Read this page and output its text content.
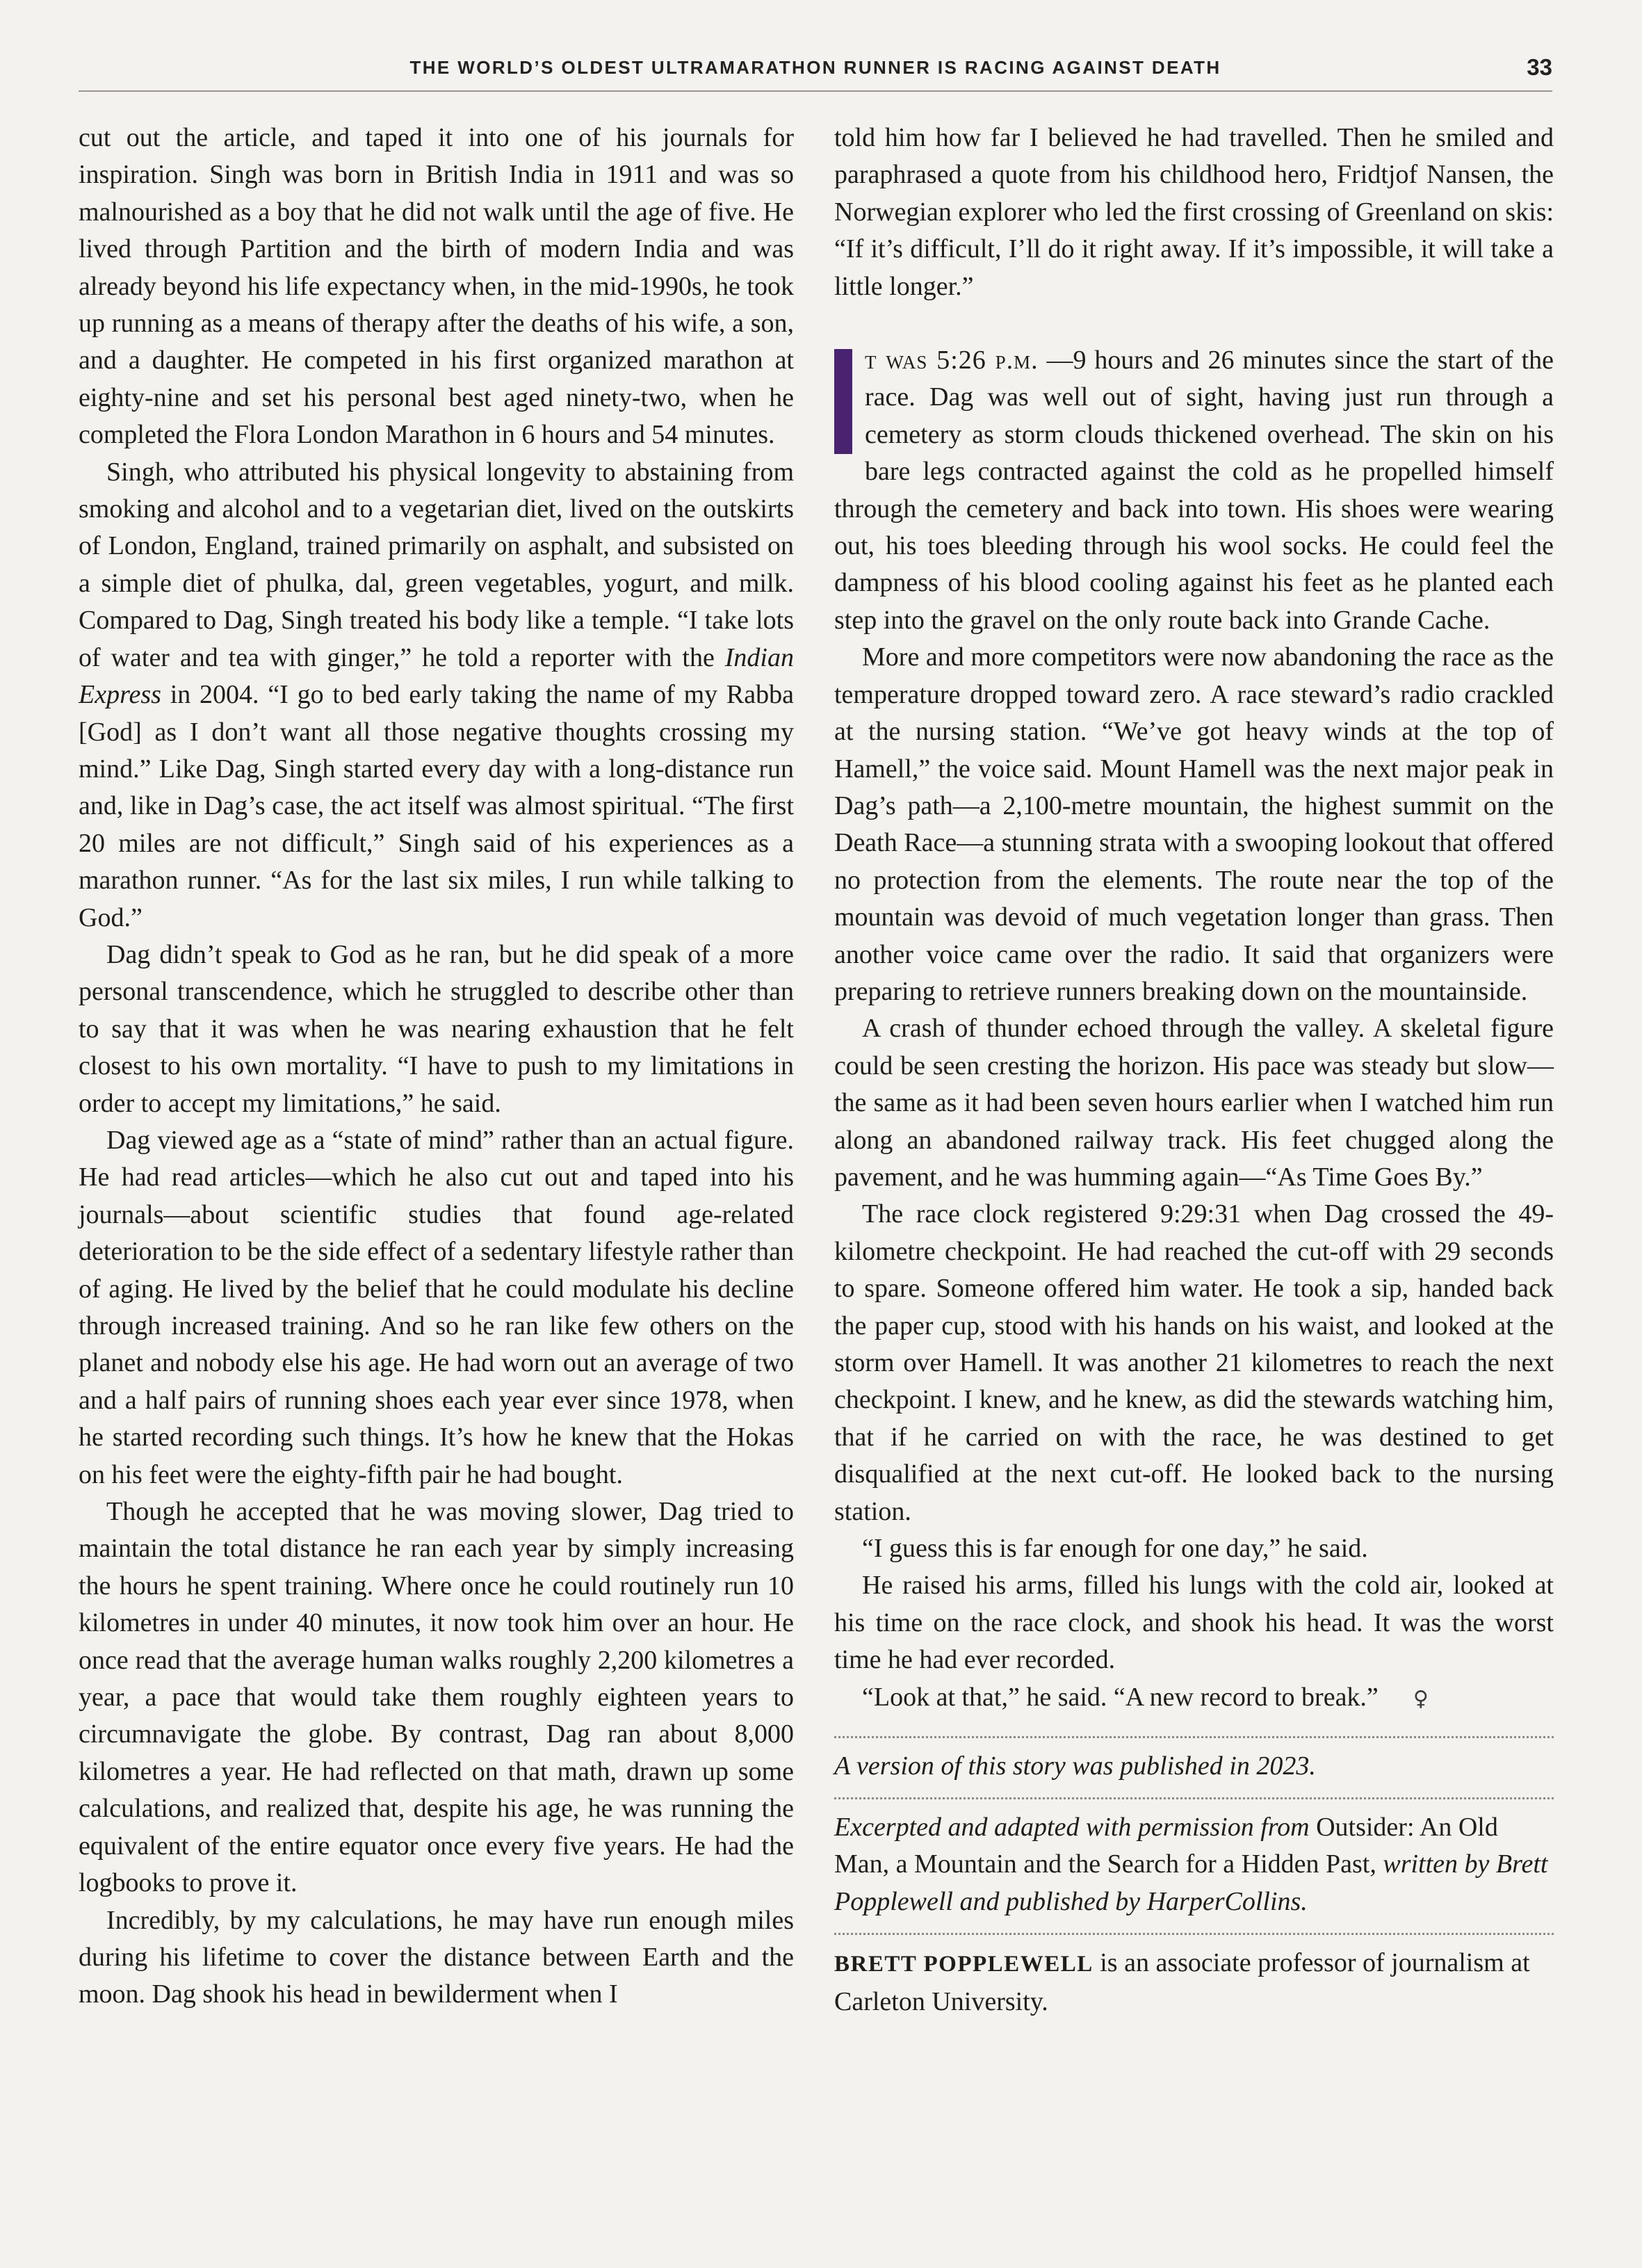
THE WORLD’S OLDEST ULTRAMARATHON RUNNER IS RACING AGAINST DEATH	33

cut out the article, and taped it into one of his journals for inspiration. Singh was born in British India in 1911 and was so malnourished as a boy that he did not walk until the age of five. He lived through Partition and the birth of modern India and was already beyond his life expectancy when, in the mid-1990s, he took up running as a means of therapy after the deaths of his wife, a son, and a daughter. He competed in his first organized marathon at eighty-nine and set his personal best aged ninety-two, when he completed the Flora London Marathon in 6 hours and 54 minutes.

Singh, who attributed his physical longevity to abstaining from smoking and alcohol and to a vegetarian diet, lived on the outskirts of London, England, trained primarily on asphalt, and subsisted on a simple diet of phulka, dal, green vegetables, yogurt, and milk. Compared to Dag, Singh treated his body like a temple. “I take lots of water and tea with ginger,” he told a reporter with the Indian Express in 2004. “I go to bed early taking the name of my Rabba [God] as I don’t want all those negative thoughts crossing my mind.” Like Dag, Singh started every day with a long-distance run and, like in Dag’s case, the act itself was almost spiritual. “The first 20 miles are not difficult,” Singh said of his experiences as a marathon runner. “As for the last six miles, I run while talking to God.”

Dag didn’t speak to God as he ran, but he did speak of a more personal transcendence, which he struggled to describe other than to say that it was when he was nearing exhaustion that he felt closest to his own mortality. “I have to push to my limitations in order to accept my limitations,” he said.

Dag viewed age as a “state of mind” rather than an actual figure. He had read articles—which he also cut out and taped into his journals—about scientific studies that found age-related deterioration to be the side effect of a sedentary lifestyle rather than of aging. He lived by the belief that he could modulate his decline through increased training. And so he ran like few others on the planet and nobody else his age. He had worn out an average of two and a half pairs of running shoes each year ever since 1978, when he started recording such things. It’s how he knew that the Hokas on his feet were the eighty-fifth pair he had bought.

Though he accepted that he was moving slower, Dag tried to maintain the total distance he ran each year by simply increasing the hours he spent training. Where once he could routinely run 10 kilometres in under 40 minutes, it now took him over an hour. He once read that the average human walks roughly 2,200 kilometres a year, a pace that would take them roughly eighteen years to circumnavigate the globe. By contrast, Dag ran about 8,000 kilometres a year. He had reflected on that math, drawn up some calculations, and realized that, despite his age, he was running the equivalent of the entire equator once every five years. He had the logbooks to prove it.

Incredibly, by my calculations, he may have run enough miles during his lifetime to cover the distance between Earth and the moon. Dag shook his head in bewilderment when I

told him how far I believed he had travelled. Then he smiled and paraphrased a quote from his childhood hero, Fridtjof Nansen, the Norwegian explorer who led the first crossing of Greenland on skis: “If it’s difficult, I’ll do it right away. If it’s impossible, it will take a little longer.”

t was 5:26 p.m. —9 hours and 26 minutes since the start of the race. Dag was well out of sight, having just run through a cemetery as storm clouds thickened overhead. The skin on his bare legs contracted against the cold as he propelled himself through the cemetery and back into town. His shoes were wearing out, his toes bleeding through his wool socks. He could feel the dampness of his blood cooling against his feet as he planted each step into the gravel on the only route back into Grande Cache.

More and more competitors were now abandoning the race as the temperature dropped toward zero. A race steward’s radio crackled at the nursing station. “We’ve got heavy winds at the top of Hamell,” the voice said. Mount Hamell was the next major peak in Dag’s path—a 2,100-metre mountain, the highest summit on the Death Race—a stunning strata with a swooping lookout that offered no protection from the elements. The route near the top of the mountain was devoid of much vegetation longer than grass. Then another voice came over the radio. It said that organizers were preparing to retrieve runners breaking down on the mountainside.

A crash of thunder echoed through the valley. A skeletal figure could be seen cresting the horizon. His pace was steady but slow—the same as it had been seven hours earlier when I watched him run along an abandoned railway track. His feet chugged along the pavement, and he was humming again—“As Time Goes By.”

The race clock registered 9:29:31 when Dag crossed the 49-kilometre checkpoint. He had reached the cut-off with 29 seconds to spare. Someone offered him water. He took a sip, handed back the paper cup, stood with his hands on his waist, and looked at the storm over Hamell. It was another 21 kilometres to reach the next checkpoint. I knew, and he knew, as did the stewards watching him, that if he carried on with the race, he was destined to get disqualified at the next cut-off. He looked back to the nursing station.

“I guess this is far enough for one day,” he said.

He raised his arms, filled his lungs with the cold air, looked at his time on the race clock, and shook his head. It was the worst time he had ever recorded.

“Look at that,” he said. “A new record to break.” ♀

A version of this story was published in 2023.
Excerpted and adapted with permission from Outsider: An Old Man, a Mountain and the Search for a Hidden Past, written by Brett Popplewell and published by HarperCollins.
BRETT POPPLEWELL is an associate professor of journalism at Carleton University.
